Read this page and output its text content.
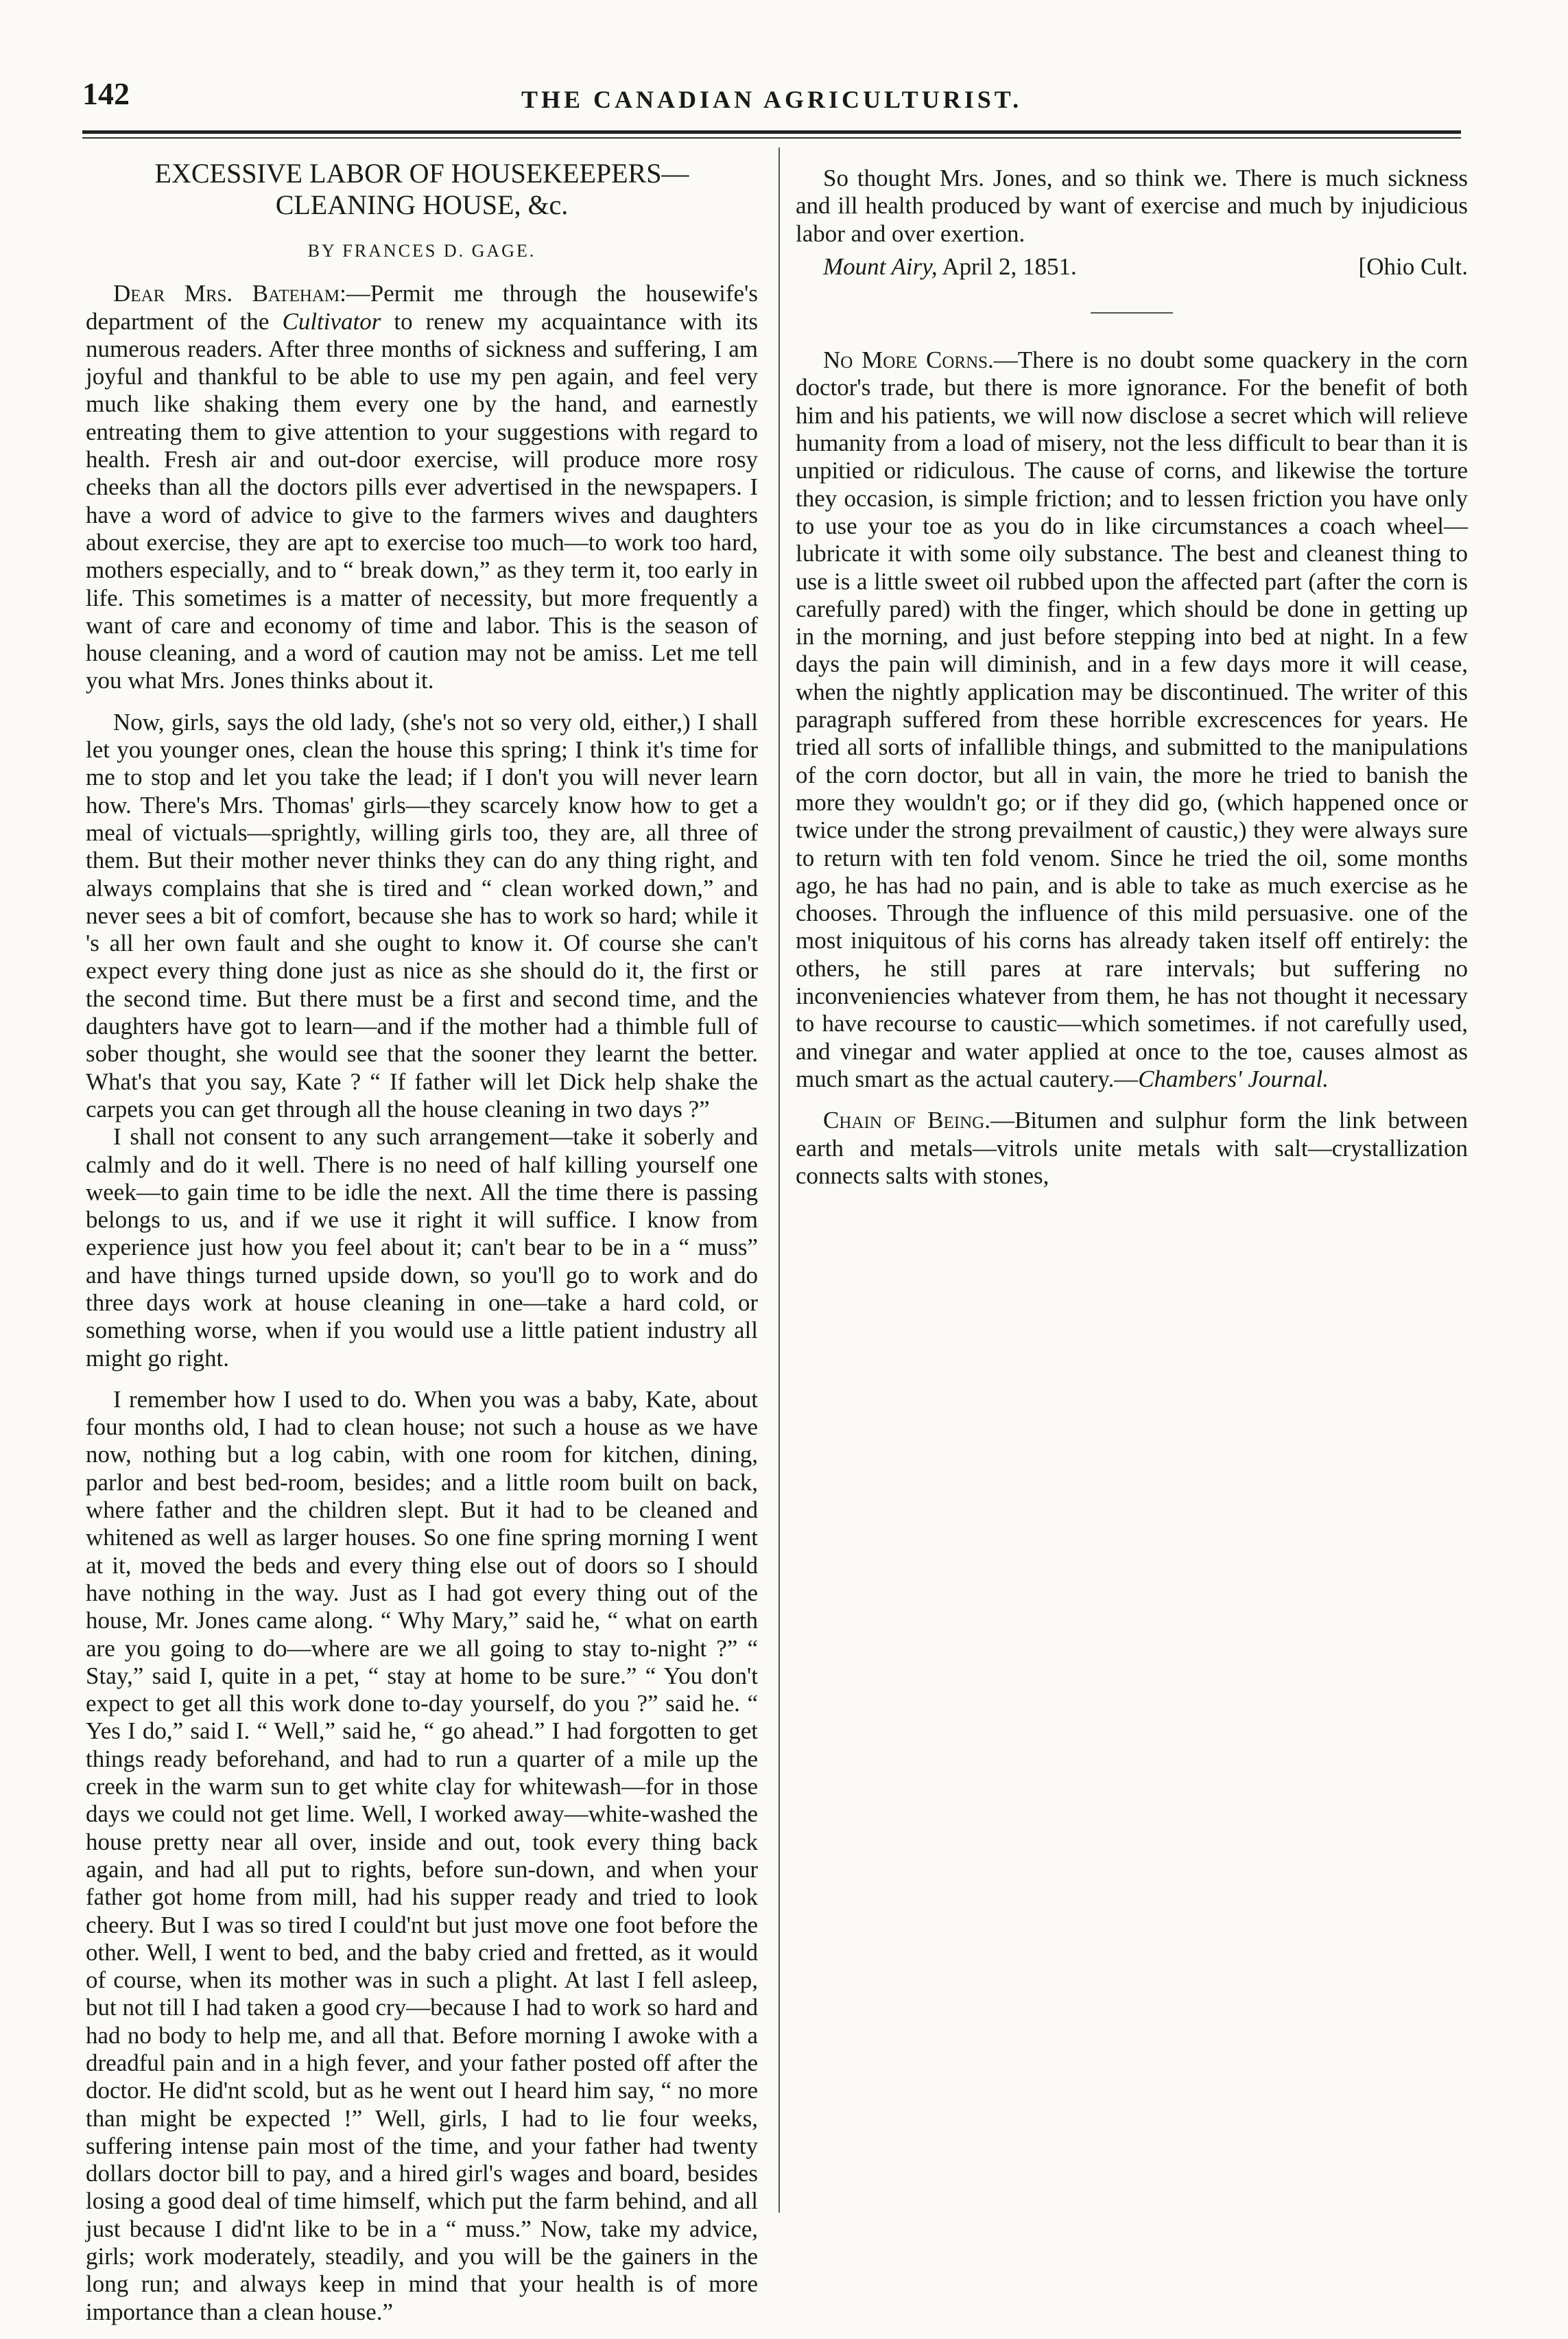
142	THE CANADIAN AGRICULTURIST.
EXCESSIVE LABOR OF HOUSEKEEPERS—CLEANING HOUSE, &c.
BY FRANCES D. GAGE.

Dear Mrs. Bateham:—Permit me through the housewife's department of the Cultivator to renew my acquaintance with its numerous readers. After three months of sickness and suffering, I am joyful and thankful to be able to use my pen again, and feel very much like shaking them every one by the hand, and earnestly entreating them to give attention to your suggestions with regard to health. Fresh air and out-door exercise, will produce more rosy cheeks than all the doctors pills ever advertised in the newspapers. I have a word of advice to give to the farmers wives and daughters about exercise, they are apt to exercise too much—to work too hard, mothers especially, and to “ break down,” as they term it, too early in life. This sometimes is a matter of necessity, but more frequently a want of care and economy of time and labor. This is the season of house cleaning, and a word of caution may not be amiss. Let me tell you what Mrs. Jones thinks about it.

Now, girls, says the old lady, (she's not so very old, either,) I shall let you younger ones, clean the house this spring; I think it's time for me to stop and let you take the lead; if I don't you will never learn how. There's Mrs. Thomas' girls—they scarcely know how to get a meal of victuals—sprightly, willing girls too, they are, all three of them. But their mother never thinks they can do any thing right, and always complains that she is tired and “ clean worked down,” and never sees a bit of comfort, because she has to work so hard; while it 's all her own fault and she ought to know it. Of course she can't expect every thing done just as nice as she should do it, the first or the second time. But there must be a first and second time, and the daughters have got to learn—and if the mother had a thimble full of sober thought, she would see that the sooner they learnt the better. What's that you say, Kate ? “ If father will let Dick help shake the carpets you can get through all the house cleaning in two days ?”

I shall not consent to any such arrangement—take it soberly and calmly and do it well. There is no need of half killing yourself one week—to gain time to be idle the next. All the time there is passing belongs to us, and if we use it right it will suffice. I know from experience just how you feel about it; can't bear to be in a “ muss” and have things turned upside down, so you'll go to work and do three days work at house cleaning in one—take a hard cold, or something worse, when if you would use a little patient industry all might go right.

I remember how I used to do. When you was a baby, Kate, about four months old, I had to clean house; not such a house as we have now, nothing but a log cabin, with one room for kitchen, dining, parlor and best bed-room, besides; and a little room built on back, where father and the children slept. But it had to be cleaned and whitened as well as larger houses. So one fine spring morning I went at it, moved the beds and every thing else out of doors so I should have nothing in the way. Just as I had got every thing out of the house, Mr. Jones came along. “ Why Mary,” said he, “ what on earth are you going to do—where are we all going to stay to-night ?” “ Stay,” said I, quite in a pet, “ stay at home to be sure.” “ You don't expect to get all this work done to-day yourself, do you ?” said he. “ Yes I do,” said I. “ Well,” said he, “ go ahead.” I had forgotten to get things ready beforehand, and had to run a quarter of a mile up the creek in the warm sun to get white clay for whitewash—for in those days we could not get lime. Well, I worked away—white-washed the house pretty near all over, inside and out, took every thing back again, and had all put to rights, before sun-down, and when your father got home from mill, had his supper ready and tried to look cheery. But I was so tired I could'nt but just move one foot before the other. Well, I went to bed, and the baby cried and fretted, as it would of course, when its mother was in such a plight. At last I fell asleep, but not till I had taken a good cry—because I had to work so hard and had no body to help me, and all that. Before morning I awoke with a dreadful pain and in a high fever, and your father posted off after the doctor. He did'nt scold, but as he went out I heard him say, “ no more than might be expected !” Well, girls, I had to lie four weeks, suffering intense pain most of the time, and your father had twenty dollars doctor bill to pay, and a hired girl's wages and board, besides losing a good deal of time himself, which put the farm behind, and all just because I did'nt like to be in a “ muss.” Now, take my advice, girls; work moderately, steadily, and you will be the gainers in the long run; and always keep in mind that your health is of more importance than a clean house.”

So thought Mrs. Jones, and so think we. There is much sickness and ill health produced by want of exercise and much by injudicious labor and over exertion.

Mount Airy, April 2, 1851.	[Ohio Cult.

No More Corns.—There is no doubt some quackery in the corn doctor's trade, but there is more ignorance. For the benefit of both him and his patients, we will now disclose a secret which will relieve humanity from a load of misery, not the less difficult to bear than it is unpitied or ridiculous. The cause of corns, and likewise the torture they occasion, is simple friction; and to lessen friction you have only to use your toe as you do in like circumstances a coach wheel—lubricate it with some oily substance. The best and cleanest thing to use is a little sweet oil rubbed upon the affected part (after the corn is carefully pared) with the finger, which should be done in getting up in the morning, and just before stepping into bed at night. In a few days the pain will diminish, and in a few days more it will cease, when the nightly application may be discontinued. The writer of this paragraph suffered from these horrible excrescences for years. He tried all sorts of infallible things, and submitted to the manipulations of the corn doctor, but all in vain, the more he tried to banish the more they wouldn't go; or if they did go, (which happened once or twice under the strong prevailment of caustic,) they were always sure to return with ten fold venom. Since he tried the oil, some months ago, he has had no pain, and is able to take as much exercise as he chooses. Through the influence of this mild persuasive. one of the most iniquitous of his corns has already taken itself off entirely: the others, he still pares at rare intervals; but suffering no inconveniencies whatever from them, he has not thought it necessary to have recourse to caustic—which sometimes. if not carefully used, and vinegar and water applied at once to the toe, causes almost as much smart as the actual cautery.—Chambers' Journal.

Chain of Being.—Bitumen and sulphur form the link between earth and metals—vitrols unite metals with salt—crystallization connects salts with stones,
